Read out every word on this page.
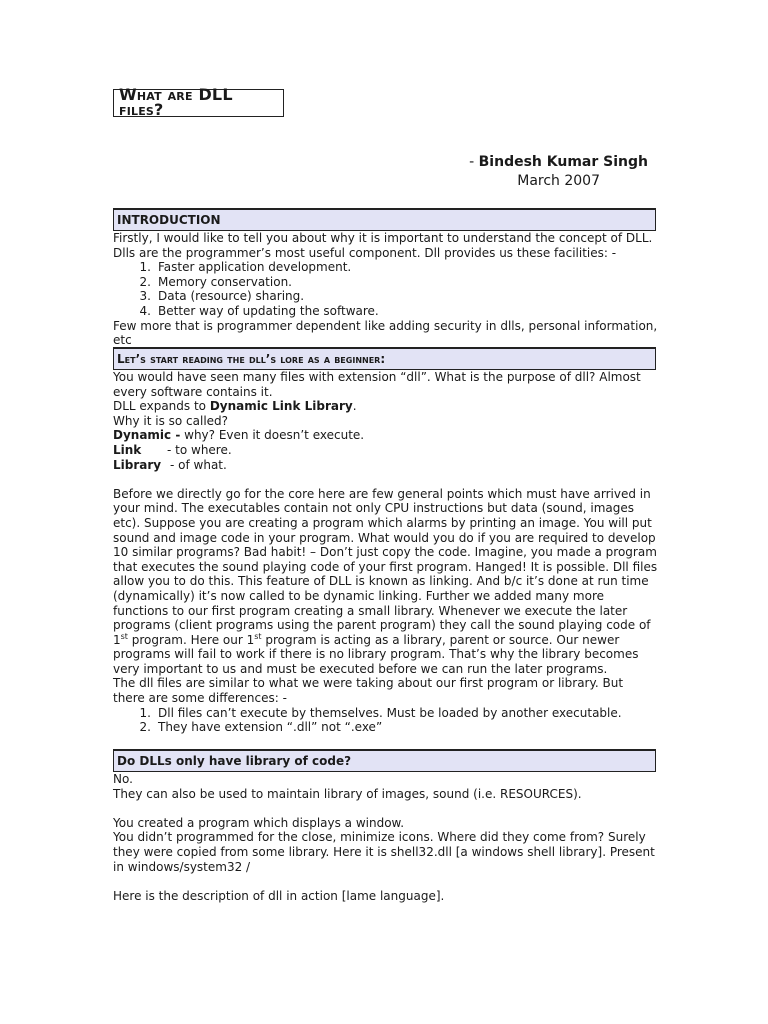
What are DLL files?
- Bindesh Kumar Singh
March 2007
INTRODUCTION

Firstly, I would like to tell you about why it is important to understand the concept of DLL. Dlls are the programmer’s most useful component. Dll provides us these facilities: -

1. Faster application development.
2. Memory conservation.
3. Data (resource) sharing.
4. Better way of updating the software.

Few more that is programmer dependent like adding security in dlls, personal information, etc

Let’s start reading the dll’s lore as a beginner:

You would have seen many files with extension “dll”. What is the purpose of dll? Almost every software contains it.

DLL expands to Dynamic Link Library.

Why it is so called?

Dynamic - why? Even it doesn’t execute.

Link - to where.

Library - of what.

Before we directly go for the core here are few general points which must have arrived in your mind. The executables contain not only CPU instructions but data (sound, images etc). Suppose you are creating a program which alarms by printing an image. You will put sound and image code in your program. What would you do if you are required to develop 10 similar programs? Bad habit! – Don’t just copy the code. Imagine, you made a program that executes the sound playing code of your first program. Hanged! It is possible. Dll files allow you to do this. This feature of DLL is known as linking. And b/c it’s done at run time (dynamically) it’s now called to be dynamic linking. Further we added many more functions to our first program creating a small library. Whenever we execute the later programs (client programs using the parent program) they call the sound playing code of 1st program. Here our 1st program is acting as a library, parent or source. Our newer programs will fail to work if there is no library program. That’s why the library becomes very important to us and must be executed before we can run the later programs.

The dll files are similar to what we were taking about our first program or library. But there are some differences: -

1. Dll files can’t execute by themselves. Must be loaded by another executable.
2. They have extension “.dll” not “.exe”
Do DLLs only have library of code?

No.

They can also be used to maintain library of images, sound (i.e. RESOURCES).

You created a program which displays a window.

You didn’t programmed for the close, minimize icons. Where did they come from? Surely they were copied from some library. Here it is shell32.dll [a windows shell library]. Present in windows/system32 /

Here is the description of dll in action [lame language].
